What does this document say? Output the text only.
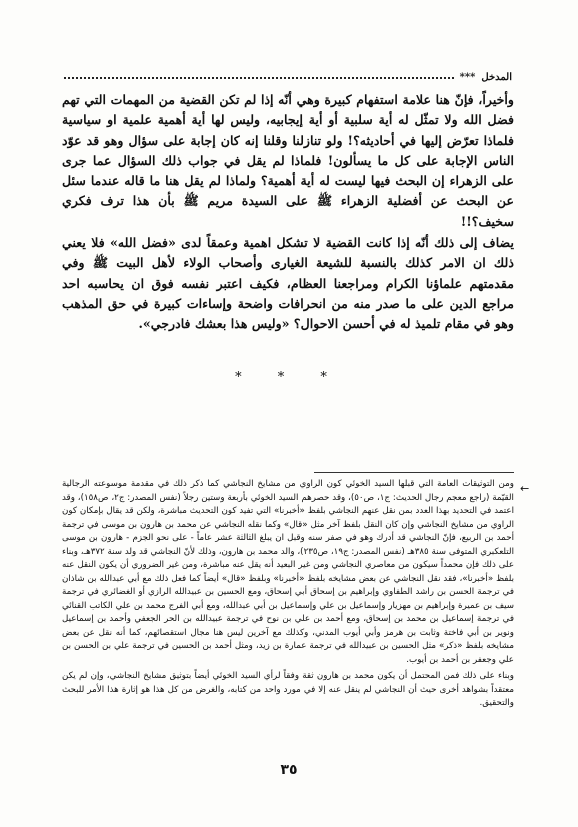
المدخل
***

وأخيراً، فإنّ هنا علامة استفهام كبيرة وهي أنّه إذا لم تكن القضية من المهمات التي تهم فضل الله ولا تمثّل له أية سلبية أو أية إيجابيه، وليس لها أية أهمية علمية او سياسية فلماذا تعرّض إليها في أحاديثه؟! ولو تنازلنا وقلنا إنه كان إجابة على سؤال وهو قد عوّد الناس الإجابة على كل ما يسألون! فلماذا لم يقل في جواب ذلك السؤال عما جرى على الزهراء إن البحث فيها ليست له أية أهمية؟ ولماذا لم يقل هنا ما قاله عندما سئل عن البحث عن أفضلية الزهراء ﷺ على السيدة مريم ﷺ بأن هذا ترف فكري سخيف؟!!

يضاف إلى ذلك أنّه إذا كانت القضية لا تشكل اهمية وعمقاً لدى «فضل الله» فلا يعني ذلك ان الامر كذلك بالنسبة للشيعة الغيارى وأصحاب الولاء لأهل البيت ﷺ وفي مقدمتهم علماؤنا الكرام ومراجعنا العظام، فكيف اعتبر نفسه فوق ان يحاسبه احد مراجع الدين على ما صدر منه من انحرافات واضحة وإساءات كبيرة في حق المذهب وهو في مقام تلميذ له في أحسن الاحوال؟ «وليس هذا بعشك فادرجي».

* * *
←

ومن التوثيقات العامة التي قبلها السيد الخوئي كون الراوي من مشايخ النجاشي كما ذكر ذلك في مقدمة موسوعته الرجالية القيّمة (راجع معجم رجال الحديث: ج١، ص٥٠)، وقد حصرهم السيد الخوئي بأربعة وستين رجلاً (نفس المصدر: ج٢، ص١٥٨)، وقد اعتمد في التحديد بهذا العدد بمن نقل عنهم النجاشي بلفظ «أخبرنا» التي تفيد كون التحديث مباشرة، ولكن قد يقال بإمكان كون الراوي من مشايخ النجاشي وإن كان النقل بلفظ آخر مثل «قال» وكما نقله النجاشي عن محمد بن هارون بن موسى في ترجمة أحمد بن الربيع، فإنّ النجاشي قد أدرك وهو في صفر سنه وقبل ان يبلغ الثالثة عشر عاماً - على نحو الجزم - هارون بن موسى التلعكبري المتوفى سنة ٣٨٥هـ (نفس المصدر: ج١٩، ص٢٣٥)، والد محمد بن هارون، وذلك لأنّ النجاشي قد ولد سنة ٣٧٢هـ، وبناء على ذلك فإن محمداً سيكون من معاصري النجاشي ومن غير البعيد أنه يقل عنه مباشرة، ومن غير الضروري أن يكون النقل عنه بلفظ «أخبرنا»، فقد نقل النجاشي عن بعض مشايخه بلفظ «أخبرنا» وبلفظ «قال» أيضاً كما فعل ذلك مع أبي عبدالله بن شاذان في ترجمة الحسن بن راشد الطفاوي وإبراهيم بن إسحاق أبي إسحاق، ومع الحسين بن عبيدالله الرازي أو الغضائري في ترجمة سيف بن عميرة وإبراهيم بن مهزيار وإسماعيل بن علي وإسماعيل بن أبي عبدالله، ومع أبي الفرج محمد بن علي الكاتب القنائي في ترجمة إسماعيل بن محمد بن إسحاق، ومع أحمد بن علي بن نوح في ترجمة عبيدالله بن الحر الجعفي وأحمد بن إسماعيل ونوير بن أبي فاختة وثابت بن هرمز وأبي أيوب المدني، وكذلك مع آخرين ليس هنا مجال استقصائهم، كما أنه نقل عن بعض مشايخه بلفظ «ذكر» مثل الحسين بن عبيدالله في ترجمة عمارة بن زيد، ومثل أحمد بن الحسين في ترجمة علي بن الحسن بن علي وجعفر بن أحمد بن أيوب.

وبناء على ذلك فمن المحتمل أن يكون محمد بن هارون ثقة وفقاً لرأي السيد الخوئي أيضاً بتوثيق مشايخ النجاشي، وإن لم يكن معتقداً بشواهد أخرى حيث أن النجاشي لم ينقل عنه إلا في مورد واحد من كتابه، والغرض من كل هذا هو إثارة هذا الأمر للبحث والتحقيق.

٣٥
